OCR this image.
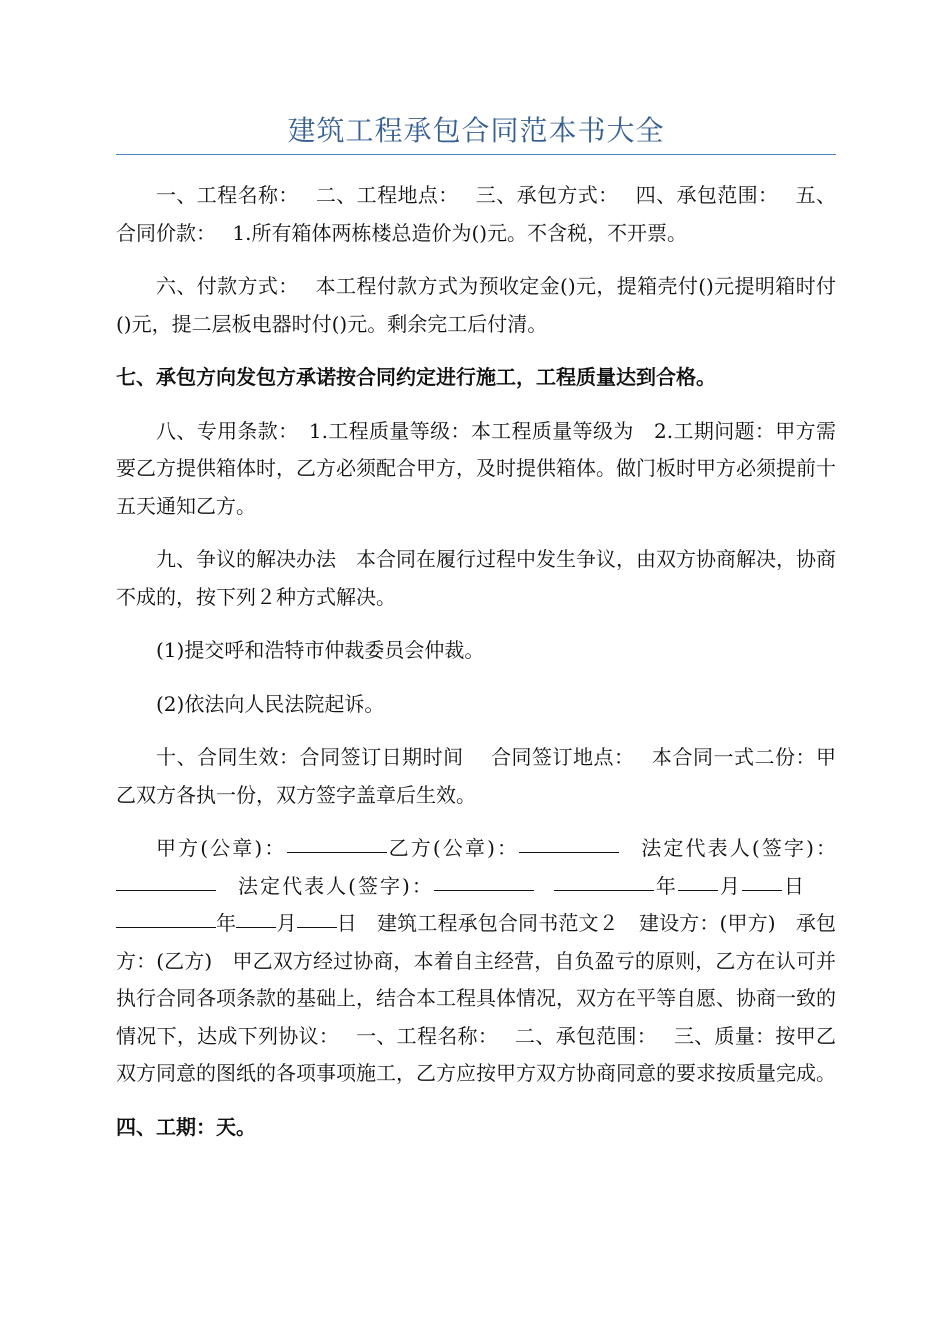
建筑工程承包合同范本书大全

一、工程名称：　 二、工程地点：　 三、承包方式：　 四、承包范围：　 五、合同价款：　 1.所有箱体两栋楼总造价为()元。不含税，不开票。

六、付款方式：　 本工程付款方式为预收定金()元，提箱壳付()元提明箱时付()元，提二层板电器时付()元。剩余完工后付清。

七、承包方向发包方承诺按合同约定进行施工，工程质量达到合格。

八、专用条款：　1.工程质量等级：本工程质量等级为　2.工期问题：甲方需要乙方提供箱体时，乙方必须配合甲方，及时提供箱体。做门板时甲方必须提前十五天通知乙方。

九、争议的解决办法　本合同在履行过程中发生争议，由双方协商解决，协商不成的，按下列２种方式解决。

(1)提交呼和浩特市仲裁委员会仲裁。

(2)依法向人民法院起诉。

十、合同生效：合同签订日期时间　 合同签订地点：　 本合同一式二份：甲乙双方各执一份，双方签字盖章后生效。

甲方(公章)：	乙方(公章)：	法定代表人(签字)：法定代表人(签字)：	年 月 日年 月 日 建筑工程承包合同书范文２　建设方：(甲方)　承包方：(乙方)　甲乙双方经过协商，本着自主经营，自负盈亏的原则，乙方在认可并执行合同各项条款的基础上，结合本工程具体情况，双方在平等自愿、协商一致的情况下，达成下列协议：　 一、工程名称：　 二、承包范围：　 三、质量：按甲乙双方同意的图纸的各项事项施工，乙方应按甲方双方协商同意的要求按质量完成。

四、工期：天。
